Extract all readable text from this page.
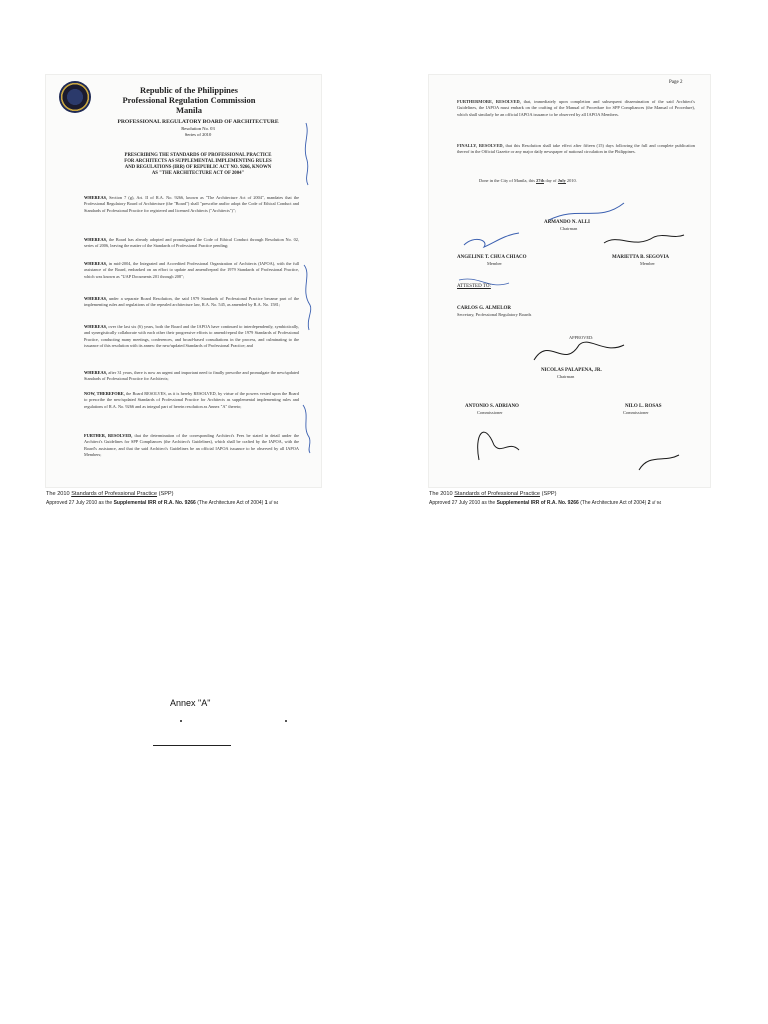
Republic of the Philippines
Professional Regulation Commission
Manila
PROFESSIONAL REGULATORY BOARD OF ARCHITECTURE
Resolution No. 03
Series of 2010
PRESCRIBING THE STANDARDS OF PROFESSIONAL PRACTICE
FOR ARCHITECTS AS SUPPLEMENTAL IMPLEMENTING RULES
AND REGULATIONS (IRR) OF REPUBLIC ACT NO. 9266, KNOWN
AS "THE ARCHITECTURE ACT OF 2004"
WHEREAS, Section 7 (g), Art. II of R.A. No. 9266, known as "The Architecture Act of 2004", mandates that the Professional Regulatory Board of Architecture (the "Board") shall "prescribe and/or adopt the Code of Ethical Conduct and Standards of Professional Practice for registered and licensed Architects ("Architects")";
WHEREAS, the Board has already adopted and promulgated the Code of Ethical Conduct through Resolution No. 02, series of 2006, leaving the matter of the Standards of Professional Practice pending;
WHEREAS, in mid-2004, the Integrated and Accredited Professional Organization of Architects (IAPOA), with the full assistance of the Board, embarked on an effort to update and amend/repeal the 1979 Standards of Professional Practice, which was known as "UAP Documents 201 through 208";
WHEREAS, under a separate Board Resolution, the said 1979 Standards of Professional Practice became part of the implementing rules and regulations of the repealed architecture law, R.A. No. 545, as amended by R.A. No. 1581;
WHEREAS, over the last six (6) years, both the Board and the IAPOA have continued to interdependently, symbiotically, and synergistically collaborate with each other their progressive efforts to amend/repeal the 1979 Standards of Professional Practice, conducting many meetings, conferences, and broad-based consultations in the process, and culminating to the issuance of this resolution with its annex: the new/updated Standards of Professional Practice; and
WHEREAS, after 31 years, there is now an urgent and important need to finally prescribe and promulgate the new/updated Standards of Professional Practice for Architects;
NOW, THEREFORE, the Board RESOLVES, as it is hereby RESOLVED, by virtue of the powers vested upon the Board to prescribe the new/updated Standards of Professional Practice for Architects as supplemental implementing rules and regulations of R.A. No. 9266 and as integral part of herein resolution as Annex "A" thereto;
FURTHER, RESOLVED, that the determination of the corresponding Architect's Fees be stated in detail under the Architect's Guidelines for SPP Compliances (the Architect's Guidelines), which shall be crafted by the IAPOA, with the Board's assistance, and that the said Architect's Guidelines be an official IAPOA issuance to be observed by all IAPOA Members;
The 2010 Standards of Professional Practice (SPP)
Approved 27 July 2010 as the Supplemental IRR of R.A. No. 9266 (The Architecture Act of 2004) 1 of 94
Page 2
FURTHERMORE, RESOLVED, that, immediately upon completion and subsequent dissemination of the said Architect's Guidelines, the IAPOA must embark on the crafting of the Manual of Procedure for SPP Compliances (the Manual of Procedure), which shall similarly be an official IAPOA issuance to be observed by all IAPOA Members.
FINALLY, RESOLVED, that this Resolution shall take effect after fifteen (15) days following the full and complete publication thereof in the Official Gazette or any major daily newspaper of national circulation in the Philippines.
Done in the City of Manila, this 27th day of July 2010.
ARMANDO N. ALLI
Chairman
ANGELINE T. CHUA CHIACO
Member
MARIETTA B. SEGOVIA
Member
ATTESTED TO:
CARLOS G. ALMELOR
Secretary, Professional Regulatory Boards
APPROVED:
NICOLAS PALAPENA, JR.
Chairman
ANTONIO S. ADRIANO
Commissioner
NILO L. ROSAS
Commissioner
The 2010 Standards of Professional Practice (SPP)
Approved 27 July 2010 as the Supplemental IRR of R.A. No. 9266 (The Architecture Act of 2004) 2 of 94
Annex "A"
